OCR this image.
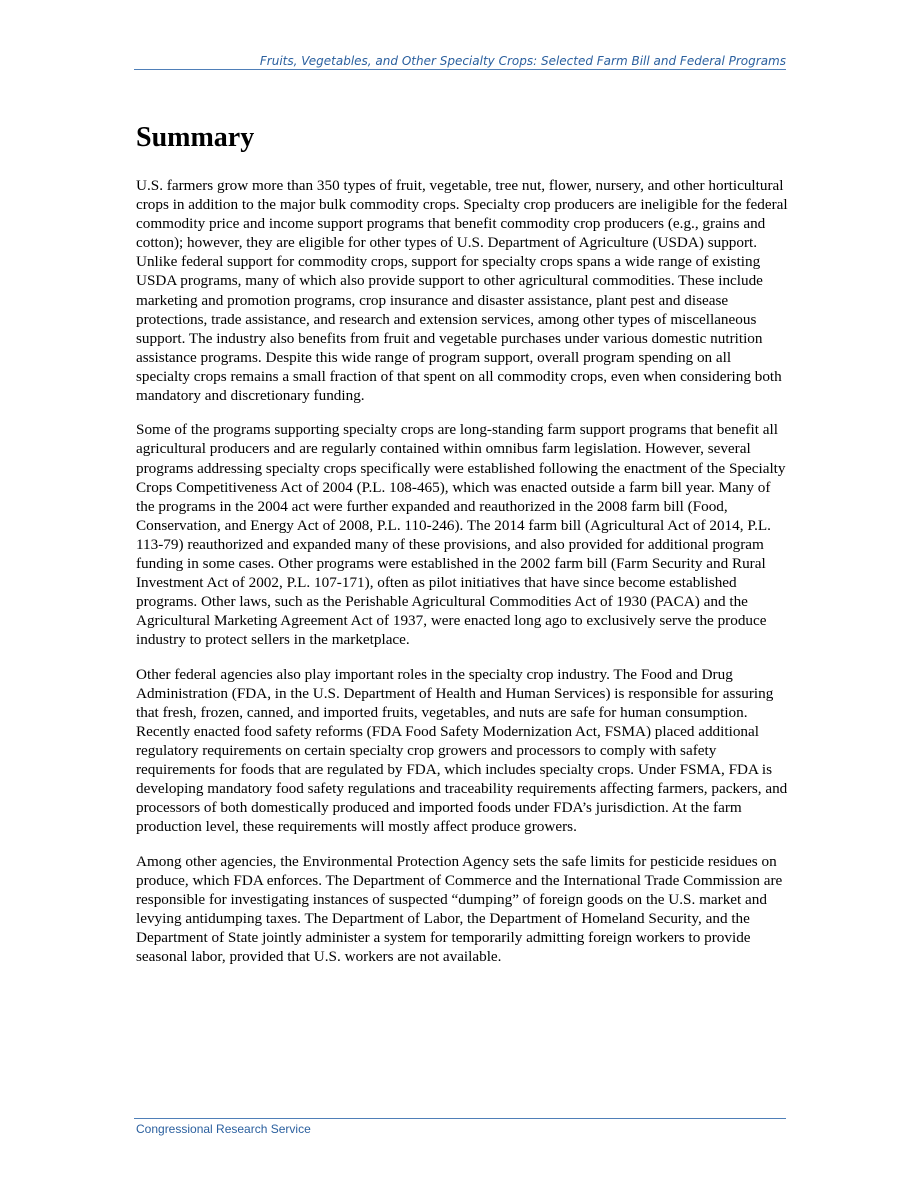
Fruits, Vegetables, and Other Specialty Crops: Selected Farm Bill and Federal Programs
Summary

U.S. farmers grow more than 350 types of fruit, vegetable, tree nut, flower, nursery, and other horticultural crops in addition to the major bulk commodity crops. Specialty crop producers are ineligible for the federal commodity price and income support programs that benefit commodity crop producers (e.g., grains and cotton); however, they are eligible for other types of U.S. Department of Agriculture (USDA) support. Unlike federal support for commodity crops, support for specialty crops spans a wide range of existing USDA programs, many of which also provide support to other agricultural commodities. These include marketing and promotion programs, crop insurance and disaster assistance, plant pest and disease protections, trade assistance, and research and extension services, among other types of miscellaneous support. The industry also benefits from fruit and vegetable purchases under various domestic nutrition assistance programs. Despite this wide range of program support, overall program spending on all specialty crops remains a small fraction of that spent on all commodity crops, even when considering both mandatory and discretionary funding.

Some of the programs supporting specialty crops are long-standing farm support programs that benefit all agricultural producers and are regularly contained within omnibus farm legislation. However, several programs addressing specialty crops specifically were established following the enactment of the Specialty Crops Competitiveness Act of 2004 (P.L. 108-465), which was enacted outside a farm bill year. Many of the programs in the 2004 act were further expanded and reauthorized in the 2008 farm bill (Food, Conservation, and Energy Act of 2008, P.L. 110-246). The 2014 farm bill (Agricultural Act of 2014, P.L. 113-79) reauthorized and expanded many of these provisions, and also provided for additional program funding in some cases. Other programs were established in the 2002 farm bill (Farm Security and Rural Investment Act of 2002, P.L. 107-171), often as pilot initiatives that have since become established programs. Other laws, such as the Perishable Agricultural Commodities Act of 1930 (PACA) and the Agricultural Marketing Agreement Act of 1937, were enacted long ago to exclusively serve the produce industry to protect sellers in the marketplace.

Other federal agencies also play important roles in the specialty crop industry. The Food and Drug Administration (FDA, in the U.S. Department of Health and Human Services) is responsible for assuring that fresh, frozen, canned, and imported fruits, vegetables, and nuts are safe for human consumption. Recently enacted food safety reforms (FDA Food Safety Modernization Act, FSMA) placed additional regulatory requirements on certain specialty crop growers and processors to comply with safety requirements for foods that are regulated by FDA, which includes specialty crops. Under FSMA, FDA is developing mandatory food safety regulations and traceability requirements affecting farmers, packers, and processors of both domestically produced and imported foods under FDA’s jurisdiction. At the farm production level, these requirements will mostly affect produce growers.

Among other agencies, the Environmental Protection Agency sets the safe limits for pesticide residues on produce, which FDA enforces. The Department of Commerce and the International Trade Commission are responsible for investigating instances of suspected “dumping” of foreign goods on the U.S. market and levying antidumping taxes. The Department of Labor, the Department of Homeland Security, and the Department of State jointly administer a system for temporarily admitting foreign workers to provide seasonal labor, provided that U.S. workers are not available.

Congressional Research Service
